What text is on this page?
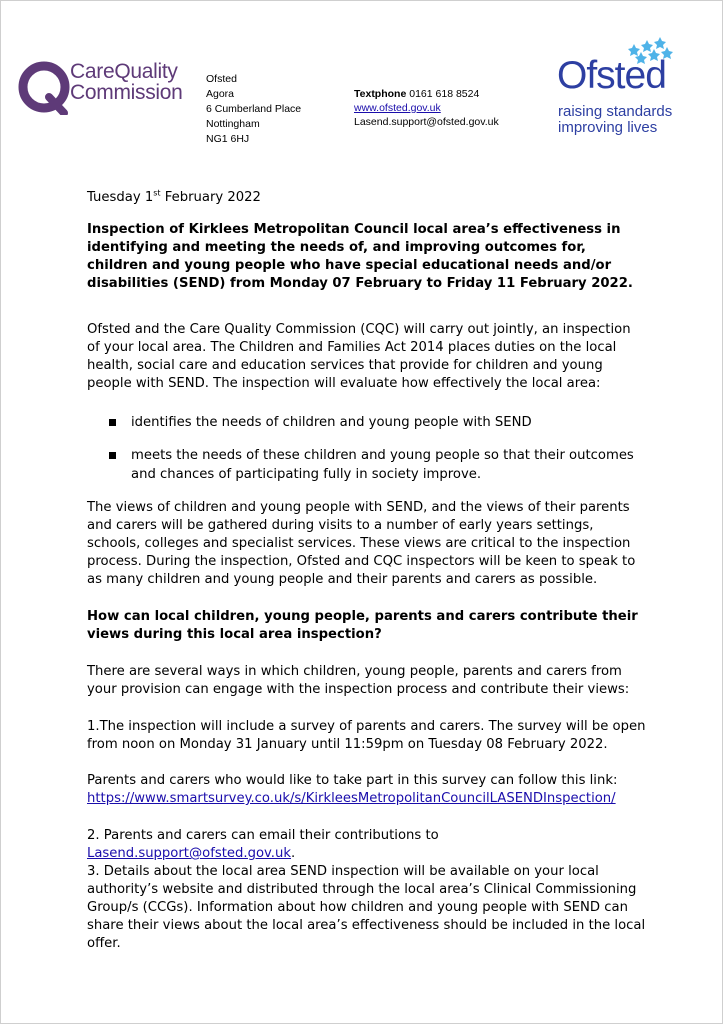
CareQuality
Commission
Ofsted
Agora
6 Cumberland Place
Nottingham
NG1 6HJ
Textphone 0161 618 8524
www.ofsted.gov.uk
Lasend.support@ofsted.gov.uk
Ofsted
raising standards
improving lives
Tuesday 1st February 2022
Inspection of Kirklees Metropolitan Council local area’s effectiveness in identifying and meeting the needs of, and improving outcomes for, children and young people who have special educational needs and/or disabilities (SEND) from Monday 07 February to Friday 11 February 2022.
Ofsted and the Care Quality Commission (CQC) will carry out jointly, an inspection of your local area. The Children and Families Act 2014 places duties on the local health, social care and education services that provide for children and young people with SEND. The inspection will evaluate how effectively the local area:
identifies the needs of children and young people with SEND
meets the needs of these children and young people so that their outcomes and chances of participating fully in society improve.
The views of children and young people with SEND, and the views of their parents and carers will be gathered during visits to a number of early years settings, schools, colleges and specialist services. These views are critical to the inspection process. During the inspection, Ofsted and CQC inspectors will be keen to speak to as many children and young people and their parents and carers as possible.
How can local children, young people, parents and carers contribute their views during this local area inspection?
There are several ways in which children, young people, parents and carers from your provision can engage with the inspection process and contribute their views:
1.The inspection will include a survey of parents and carers. The survey will be open from noon on Monday 31 January until 11:59pm on Tuesday 08 February 2022.
Parents and carers who would like to take part in this survey can follow this link:
https://www.smartsurvey.co.uk/s/KirkleesMetropolitanCouncilLASENDInspection/
2. Parents and carers can email their contributions to Lasend.support@ofsted.gov.uk.
3. Details about the local area SEND inspection will be available on your local authority’s website and distributed through the local area’s Clinical Commissioning Group/s (CCGs). Information about how children and young people with SEND can share their views about the local area’s effectiveness should be included in the local offer.
